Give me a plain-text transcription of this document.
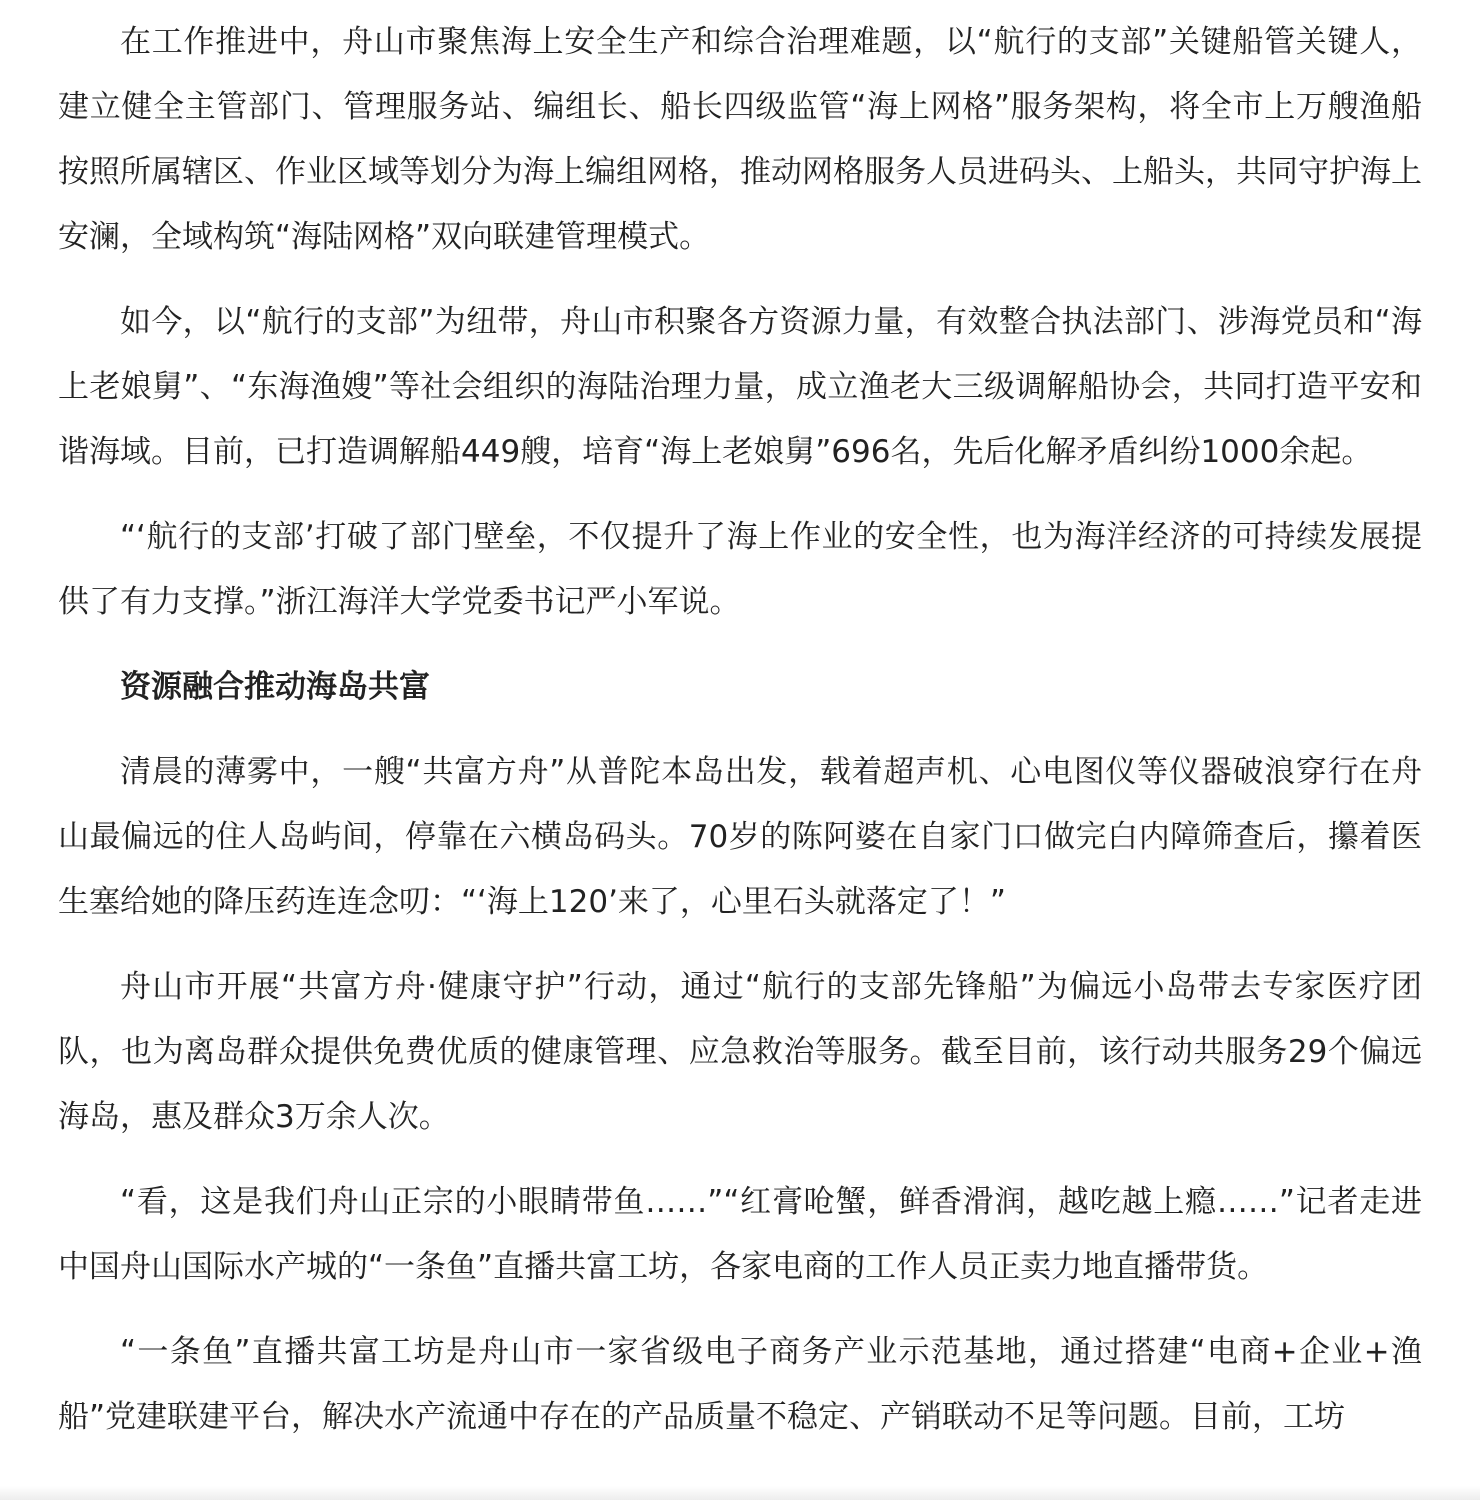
在工作推进中，舟山市聚焦海上安全生产和综合治理难题，以“航行的支部”关键船管关键人，建立健全主管部门、管理服务站、编组长、船长四级监管“海上网格”服务架构，将全市上万艘渔船按照所属辖区、作业区域等划分为海上编组网格，推动网格服务人员进码头、上船头，共同守护海上安澜，全域构筑“海陆网格”双向联建管理模式。

如今，以“航行的支部”为纽带，舟山市积聚各方资源力量，有效整合执法部门、涉海党员和“海上老娘舅”、“东海渔嫂”等社会组织的海陆治理力量，成立渔老大三级调解船协会，共同打造平安和谐海域。目前，已打造调解船449艘，培育“海上老娘舅”696名，先后化解矛盾纠纷1000余起。

“‘航行的支部’打破了部门壁垒，不仅提升了海上作业的安全性，也为海洋经济的可持续发展提供了有力支撑。”浙江海洋大学党委书记严小军说。

资源融合推动海岛共富

清晨的薄雾中，一艘“共富方舟”从普陀本岛出发，载着超声机、心电图仪等仪器破浪穿行在舟山最偏远的住人岛屿间，停靠在六横岛码头。70岁的陈阿婆在自家门口做完白内障筛查后，攥着医生塞给她的降压药连连念叨：“‘海上120’来了，心里石头就落定了！”

舟山市开展“共富方舟·健康守护”行动，通过“航行的支部先锋船”为偏远小岛带去专家医疗团队，也为离岛群众提供免费优质的健康管理、应急救治等服务。截至目前，该行动共服务29个偏远海岛，惠及群众3万余人次。

“看，这是我们舟山正宗的小眼睛带鱼……”“红膏呛蟹，鲜香滑润，越吃越上瘾……”记者走进中国舟山国际水产城的“一条鱼”直播共富工坊，各家电商的工作人员正卖力地直播带货。

“一条鱼”直播共富工坊是舟山市一家省级电子商务产业示范基地，通过搭建“电商+企业+渔船”党建联建平台，解决水产流通中存在的产品质量不稳定、产销联动不足等问题。目前，工坊
